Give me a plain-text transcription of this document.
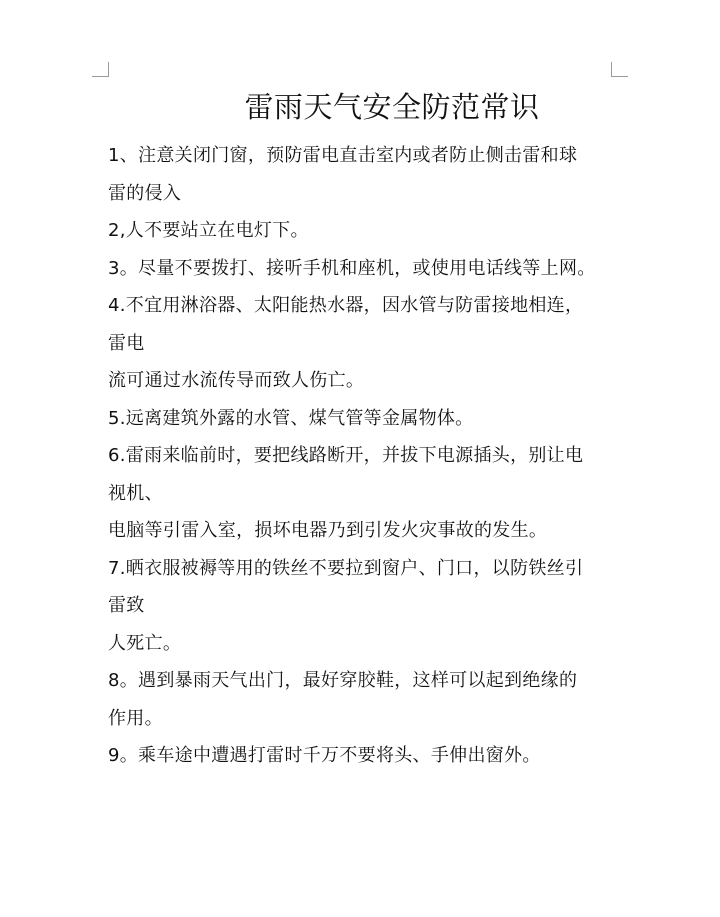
雷雨天气安全防范常识
1、注意关闭门窗，预防雷电直击室内或者防止侧击雷和球
雷的侵入
2,人不要站立在电灯下。
3。尽量不要拨打、接听手机和座机，或使用电话线等上网。
4.不宜用淋浴器、太阳能热水器，因水管与防雷接地相连，
雷电
流可通过水流传导而致人伤亡。
5.远离建筑外露的水管、煤气管等金属物体。
6.雷雨来临前时，要把线路断开，并拔下电源插头，别让电
视机、
电脑等引雷入室，损坏电器乃到引发火灾事故的发生。
7.晒衣服被褥等用的铁丝不要拉到窗户、门口，以防铁丝引
雷致
人死亡。
8。遇到暴雨天气出门，最好穿胶鞋，这样可以起到绝缘的
作用。
9。乘车途中遭遇打雷时千万不要将头、手伸出窗外。
